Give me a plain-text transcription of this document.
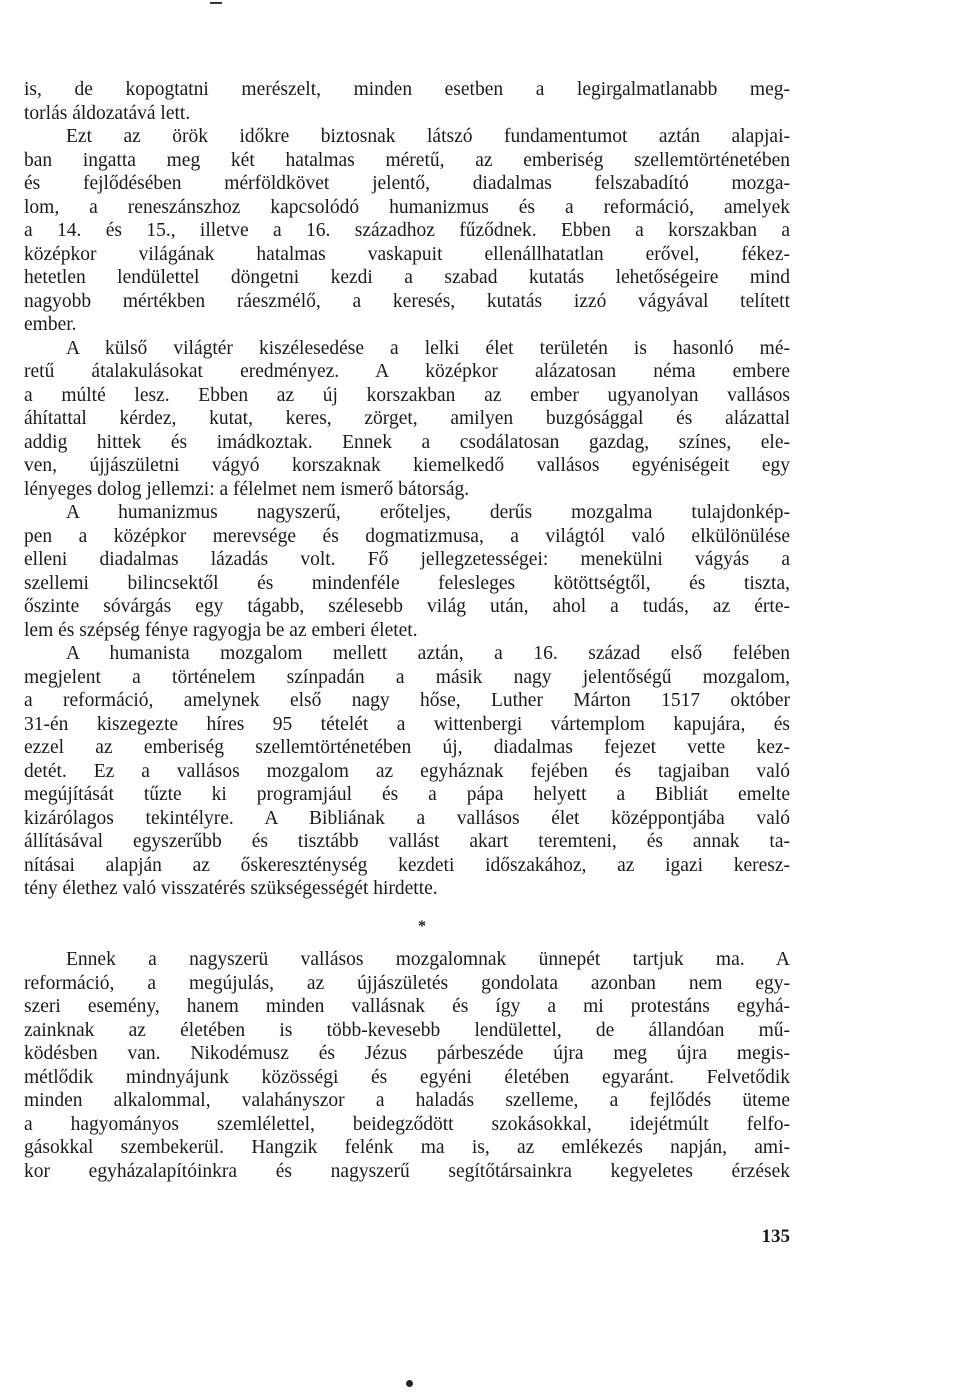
is, de kopogtatni merészelt, minden esetben a legirgalmatlanabb meg-
torlás áldozatává lett.
Ezt az örök időkre biztosnak látszó fundamentumot aztán alapjai-
ban ingatta meg két hatalmas méretű, az emberiség szellemtörténetében
és fejlődésében mérföldkövet jelentő, diadalmas felszabadító mozga-
lom, a reneszánszhoz kapcsolódó humanizmus és a reformáció, amelyek
a 14. és 15., illetve a 16. századhoz fűződnek. Ebben a korszakban a
középkor világának hatalmas vaskapuit ellenállhatatlan erővel, fékez-
hetetlen lendülettel döngetni kezdi a szabad kutatás lehetőségeire mind
nagyobb mértékben ráeszmélő, a keresés, kutatás izzó vágyával telített
ember.
A külső világtér kiszélesedése a lelki élet területén is hasonló mé-
retű átalakulásokat eredményez. A középkor alázatosan néma embere
a múlté lesz. Ebben az új korszakban az ember ugyanolyan vallásos
áhítattal kérdez, kutat, keres, zörget, amilyen buzgósággal és alázattal
addig hittek és imádkoztak. Ennek a csodálatosan gazdag, színes, ele-
ven, újjászületni vágyó korszaknak kiemelkedő vallásos egyéniségeit egy
lényeges dolog jellemzi: a félelmet nem ismerő bátorság.
A humanizmus nagyszerű, erőteljes, derűs mozgalma tulajdonkép-
pen a középkor merevsége és dogmatizmusa, a világtól való elkülönülése
elleni diadalmas lázadás volt. Fő jellegzetességei: menekülni vágyás a
szellemi bilincsektől és mindenféle felesleges kötöttségtől, és tiszta,
őszinte sóvárgás egy tágabb, szélesebb világ után, ahol a tudás, az érte-
lem és szépség fénye ragyogja be az emberi életet.
A humanista mozgalom mellett aztán, a 16. század első felében
megjelent a történelem színpadán a másik nagy jelentőségű mozgalom,
a reformáció, amelynek első nagy hőse, Luther Márton 1517 október
31-én kiszegezte híres 95 tételét a wittenbergi vártemplom kapujára, és
ezzel az emberiség szellemtörténetében új, diadalmas fejezet vette kez-
detét. Ez a vallásos mozgalom az egyháznak fejében és tagjaiban való
megújítását tűzte ki programjául és a pápa helyett a Bibliát emelte
kizárólagos tekintélyre. A Bibliának a vallásos élet középpontjába való
állításával egyszerűbb és tisztább vallást akart teremteni, és annak ta-
nításai alapján az őskereszténység kezdeti időszakához, az igazi keresz-
tény élethez való visszatérés szükségességét hirdette.
*
Ennek a nagyszerü vallásos mozgalomnak ünnepét tartjuk ma. A
reformáció, a megújulás, az újjászületés gondolata azonban nem egy-
szeri esemény, hanem minden vallásnak és így a mi protestáns egyhá-
zainknak az életében is több-kevesebb lendülettel, de állandóan mű-
ködésben van. Nikodémusz és Jézus párbeszéde újra meg újra megis-
métlődik mindnyájunk közösségi és egyéni életében egyaránt. Felvetődik
minden alkalommal, valahányszor a haladás szelleme, a fejlődés üteme
a hagyományos szemlélettel, beidegződött szokásokkal, idejétmúlt felfo-
gásokkal szembekerül. Hangzik felénk ma is, az emlékezés napján, ami-
kor egyházalapítóinkra és nagyszerű segítőtársainkra kegyeletes érzések
135
